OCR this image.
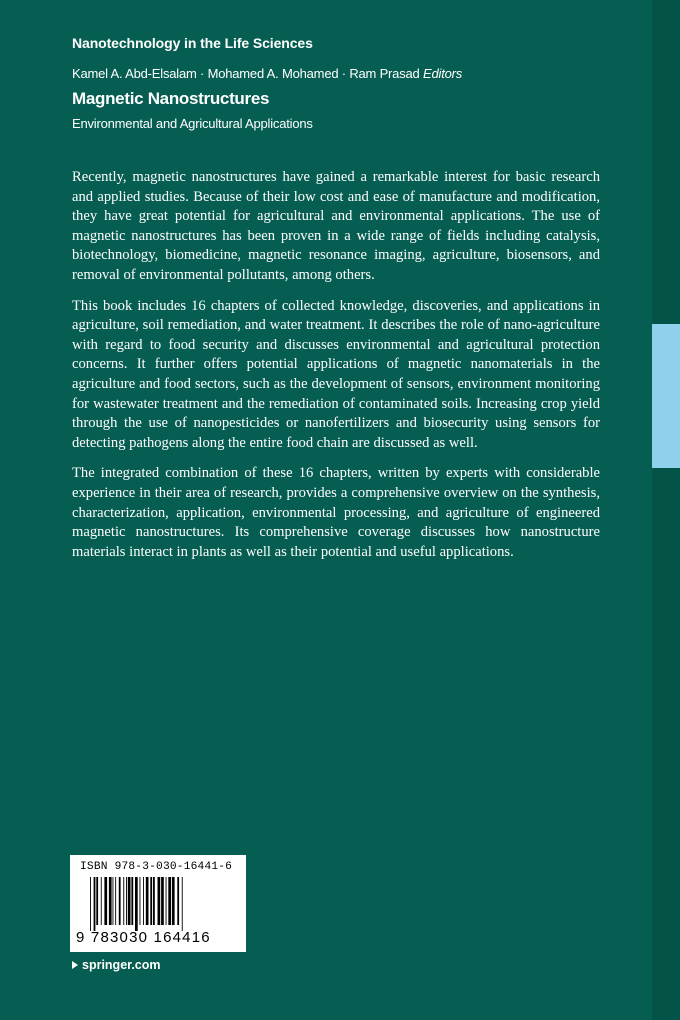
Nanotechnology in the Life Sciences
Kamel A. Abd-Elsalam · Mohamed A. Mohamed · Ram Prasad Editors
Magnetic Nanostructures
Environmental and Agricultural Applications

Recently, magnetic nanostructures have gained a remarkable interest for basic research and applied studies. Because of their low cost and ease of manufacture and modification, they have great potential for agricultural and environmental applications. The use of magnetic nanostructures has been proven in a wide range of fields including catalysis, biotechnology, biomedicine, magnetic resonance imaging, agriculture, biosensors, and removal of environmental pollutants, among others.

This book includes 16 chapters of collected knowledge, discoveries, and applications in agriculture, soil remediation, and water treatment. It describes the role of nano-agriculture with regard to food security and discusses environmental and agricultural protection concerns. It further offers potential applications of magnetic nanomaterials in the agriculture and food sectors, such as the development of sensors, environment monitoring for wastewater treatment and the remediation of contaminated soils. Increasing crop yield through the use of nanopesticides or nanofertilizers and biosecurity using sensors for detecting pathogens along the entire food chain are discussed as well.

The integrated combination of these 16 chapters, written by experts with considerable experience in their area of research, provides a comprehensive overview on the synthesis, characterization, application, environmental processing, and agriculture of engineered magnetic nanostructures. Its comprehensive coverage discusses how nanostructure materials interact in plants as well as their potential and useful applications.

ISBN 978-3-030-16441-6
9 783030 164416
springer.com
